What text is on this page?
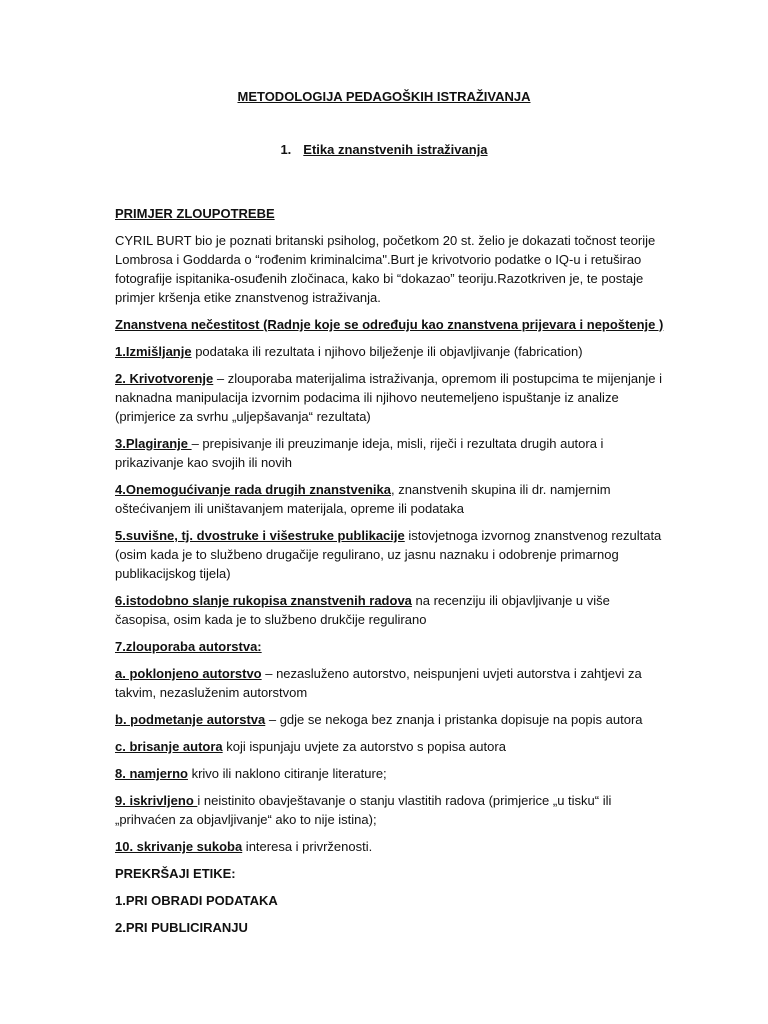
METODOLOGIJA PEDAGOŠKIH ISTRAŽIVANJA
1. Etika znanstvenih istraživanja

PRIMJER ZLOUPOTREBE

CYRIL BURT bio je poznati britanski psiholog, početkom 20 st. želio je dokazati točnost teorije Lombrosa i Goddarda o “rođenim kriminalcima".Burt je krivotvorio podatke o IQ-u i retuširao fotografije ispitanika-osuđenih zločinaca, kako bi “dokazao” teoriju.Razotkriven je, te postaje primjer kršenja etike znanstvenog istraživanja.

Znanstvena nečestitost (Radnje koje se određuju kao znanstvena prijevara i nepoštenje )

1.Izmišljanje podataka ili rezultata i njihovo bilježenje ili objavljivanje (fabrication)

2. Krivotvorenje – zlouporaba materijalima istraživanja, opremom ili postupcima te mijenjanje i naknadna manipulacija izvornim podacima ili njihovo neutemeljeno ispuštanje iz analize (primjerice za svrhu „uljepšavanja“ rezultata)

3.Plagiranje – prepisivanje ili preuzimanje ideja, misli, riječi i rezultata drugih autora i prikazivanje kao svojih ili novih

4.Onemogućivanje rada drugih znanstvenika, znanstvenih skupina ili dr. namjernim oštećivanjem ili uništavanjem materijala, opreme ili podataka

5.suvišne, tj. dvostruke i višestruke publikacije istovjetnoga izvornog znanstvenog rezultata (osim kada je to službeno drugačije regulirano, uz jasnu naznaku i odobrenje primarnog publikacijskog tijela)

6.istodobno slanje rukopisa znanstvenih radova na recenziju ili objavljivanje u više časopisa, osim kada je to službeno drukčije regulirano

7.zlouporaba autorstva:

a. poklonjeno autorstvo – nezasluženo autorstvo, neispunjeni uvjeti autorstva i zahtjevi za takvim, nezasluženim autorstvom

b. podmetanje autorstva – gdje se nekoga bez znanja i pristanka dopisuje na popis autora

c. brisanje autora koji ispunjaju uvjete za autorstvo s popisa autora

8. namjerno krivo ili naklono citiranje literature;

9. iskrivljeno i neistinito obavještavanje o stanju vlastitih radova (primjerice „u tisku“ ili „prihvaćen za objavljivanje“ ako to nije istina);

10. skrivanje sukoba interesa i privrženosti.

PREKRŠAJI ETIKE:

1.PRI OBRADI PODATAKA

2.PRI PUBLICIRANJU
